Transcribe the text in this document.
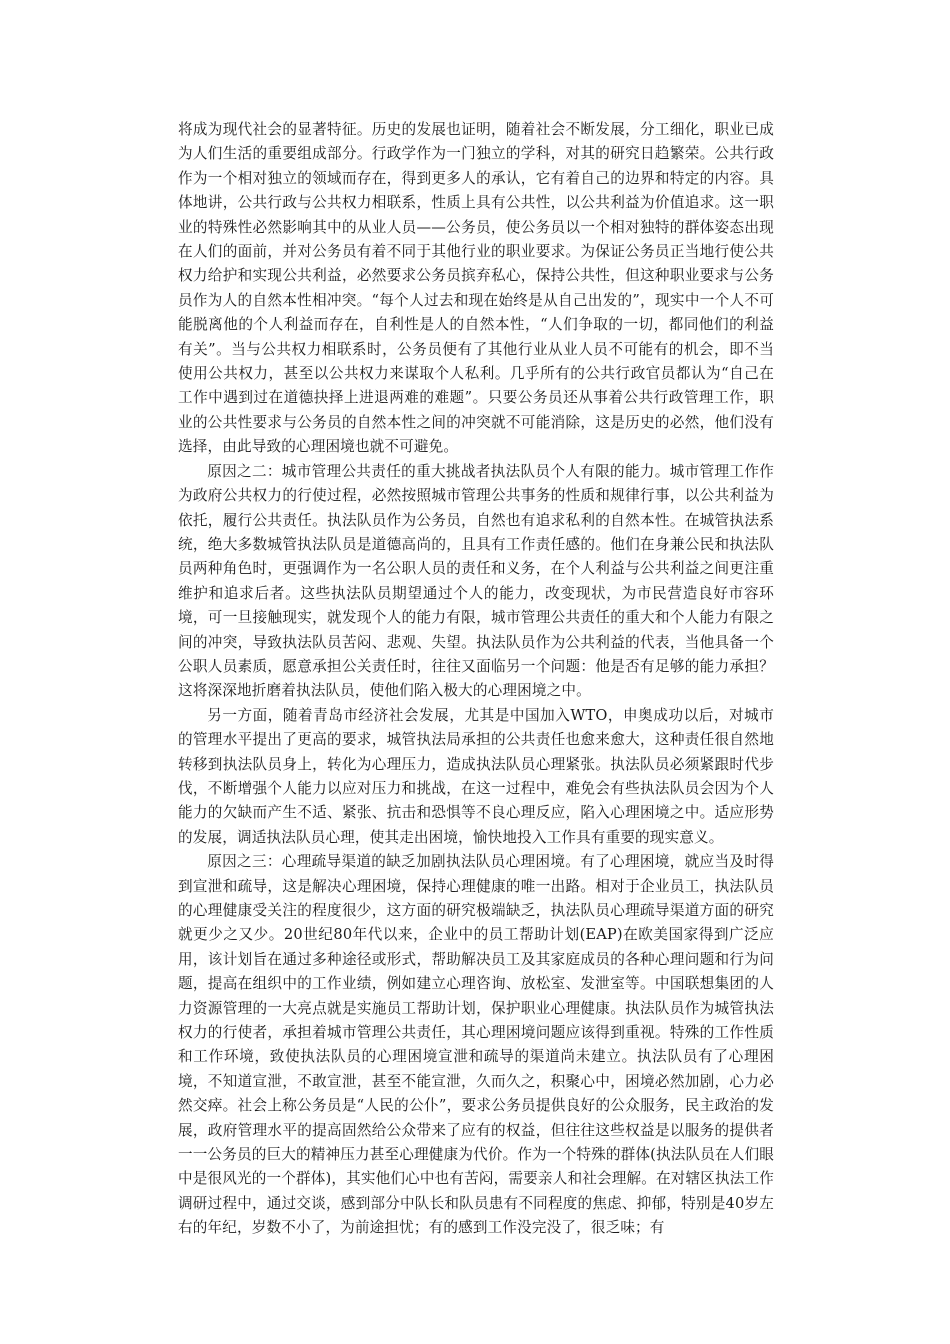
将成为现代社会的显著特征。历史的发展也证明，随着社会不断发展，分工细化，职业已成为人们生活的重要组成部分。行政学作为一门独立的学科，对其的研究日趋繁荣。公共行政作为一个相对独立的领域而存在，得到更多人的承认，它有着自己的边界和特定的内容。具体地讲，公共行政与公共权力相联系，性质上具有公共性，以公共利益为价值追求。这一职业的特殊性必然影响其中的从业人员——公务员，使公务员以一个相对独特的群体姿态出现在人们的面前，并对公务员有着不同于其他行业的职业要求。为保证公务员正当地行使公共权力给护和实现公共利益，必然要求公务员摈弃私心，保持公共性，但这种职业要求与公务员作为人的自然本性相冲突。“每个人过去和现在始终是从自己出发的”，现实中一个人不可能脱离他的个人利益而存在，自利性是人的自然本性，“人们争取的一切，都同他们的利益有关”。当与公共权力相联系时，公务员便有了其他行业从业人员不可能有的机会，即不当使用公共权力，甚至以公共权力来谋取个人私利。几乎所有的公共行政官员都认为“自己在工作中遇到过在道德抉择上进退两难的难题”。只要公务员还从事着公共行政管理工作，职业的公共性要求与公务员的自然本性之间的冲突就不可能消除，这是历史的必然，他们没有选择，由此导致的心理困境也就不可避免。

原因之二：城市管理公共责任的重大挑战者执法队员个人有限的能力。城市管理工作作为政府公共权力的行使过程，必然按照城市管理公共事务的性质和规律行事，以公共利益为依托，履行公共责任。执法队员作为公务员，自然也有追求私利的自然本性。在城管执法系统，绝大多数城管执法队员是道德高尚的，且具有工作责任感的。他们在身兼公民和执法队员两种角色时，更强调作为一名公职人员的责任和义务，在个人利益与公共利益之间更注重维护和追求后者。这些执法队员期望通过个人的能力，改变现状，为市民营造良好市容环境，可一旦接触现实，就发现个人的能力有限，城市管理公共责任的重大和个人能力有限之间的冲突，导致执法队员苦闷、悲观、失望。执法队员作为公共利益的代表，当他具备一个公职人员素质，愿意承担公关责任时，往往又面临另一个问题：他是否有足够的能力承担？这将深深地折磨着执法队员，使他们陷入极大的心理困境之中。

另一方面，随着青岛市经济社会发展，尤其是中国加入WTO，申奥成功以后，对城市的管理水平提出了更高的要求，城管执法局承担的公共责任也愈来愈大，这种责任很自然地转移到执法队员身上，转化为心理压力，造成执法队员心理紧张。执法队员必须紧跟时代步伐，不断增强个人能力以应对压力和挑战，在这一过程中，难免会有些执法队员会因为个人能力的欠缺而产生不适、紧张、抗击和恐惧等不良心理反应，陷入心理困境之中。适应形势的发展，调适执法队员心理，使其走出困境，愉快地投入工作具有重要的现实意义。

原因之三：心理疏导渠道的缺乏加剧执法队员心理困境。有了心理困境，就应当及时得到宣泄和疏导，这是解决心理困境，保持心理健康的唯一出路。相对于企业员工，执法队员的心理健康受关注的程度很少，这方面的研究极端缺乏，执法队员心理疏导渠道方面的研究就更少之又少。20世纪80年代以来，企业中的员工帮助计划(EAP)在欧美国家得到广泛应用，该计划旨在通过多种途径或形式，帮助解决员工及其家庭成员的各种心理问题和行为问题，提高在组织中的工作业绩，例如建立心理咨询、放松室、发泄室等。中国联想集团的人力资源管理的一大亮点就是实施员工帮助计划，保护职业心理健康。执法队员作为城管执法权力的行使者，承担着城市管理公共责任，其心理困境问题应该得到重视。特殊的工作性质和工作环境，致使执法队员的心理困境宣泄和疏导的渠道尚未建立。执法队员有了心理困境，不知道宣泄，不敢宣泄，甚至不能宣泄，久而久之，积聚心中，困境必然加剧，心力必然交瘁。社会上称公务员是“人民的公仆”，要求公务员提供良好的公众服务，民主政治的发展，政府管理水平的提高固然给公众带来了应有的权益，但往往这些权益是以服务的提供者一一公务员的巨大的精神压力甚至心理健康为代价。作为一个特殊的群体(执法队员在人们眼中是很风光的一个群体)，其实他们心中也有苦闷，需要亲人和社会理解。在对辖区执法工作调研过程中，通过交谈，感到部分中队长和队员患有不同程度的焦虑、抑郁，特别是40岁左右的年纪，岁数不小了，为前途担忧；有的感到工作没完没了，很乏味；有
